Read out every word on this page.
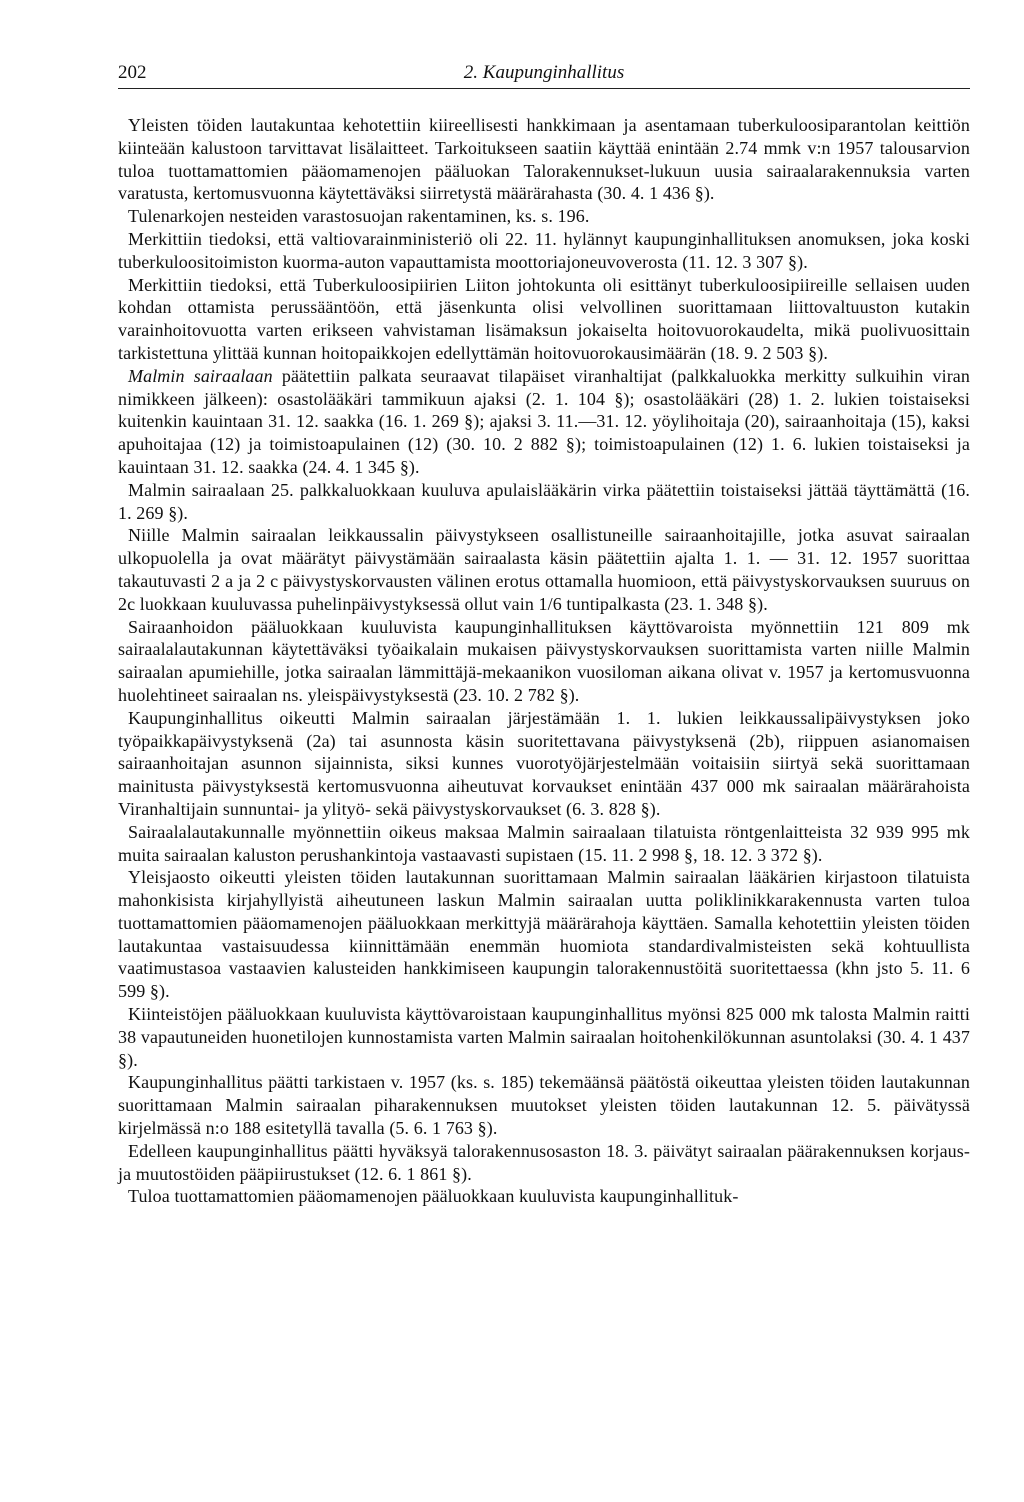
202	2. Kaupunginhallitus

Yleisten töiden lautakuntaa kehotettiin kiireellisesti hankkimaan ja asentamaan tuberkuloosiparantolan keittiön kiinteään kalustoon tarvittavat lisälaitteet. Tarkoitukseen saatiin käyttää enintään 2.74 mmk v:n 1957 talousarvion tuloa tuottamattomien pääomamenojen pääluokan Talorakennukset-lukuun uusia sairaalarakennuksia varten varatusta, kertomusvuonna käytettäväksi siirretystä määrärahasta (30. 4. 1 436 §).

Tulenarkojen nesteiden varastosuojan rakentaminen, ks. s. 196.

Merkittiin tiedoksi, että valtiovarainministeriö oli 22. 11. hylännyt kaupunginhallituksen anomuksen, joka koski tuberkuloositoimiston kuorma-auton vapauttamista moottoriajoneuvoverosta (11. 12. 3 307 §).

Merkittiin tiedoksi, että Tuberkuloosipiirien Liiton johtokunta oli esittänyt tuberkuloosipiireille sellaisen uuden kohdan ottamista perussääntöön, että jäsenkunta olisi velvollinen suorittamaan liittovaltuuston kutakin varainhoitovuotta varten erikseen vahvistaman lisämaksun jokaiselta hoitovuorokaudelta, mikä puolivuosittain tarkistettuna ylittää kunnan hoitopaikkojen edellyttämän hoitovuorokausimäärän (18. 9. 2 503 §).

Malmin sairaalaan päätettiin palkata seuraavat tilapäiset viranhaltijat (palkkaluokka merkitty sulkuihin viran nimikkeen jälkeen): osastolääkäri tammikuun ajaksi (2. 1. 104 §); osastolääkäri (28) 1. 2. lukien toistaiseksi kuitenkin kauintaan 31. 12. saakka (16. 1. 269 §); ajaksi 3. 11.—31. 12. yöylihoitaja (20), sairaanhoitaja (15), kaksi apuhoitajaa (12) ja toimistoapulainen (12) (30. 10. 2 882 §); toimistoapulainen (12) 1. 6. lukien toistaiseksi ja kauintaan 31. 12. saakka (24. 4. 1 345 §).

Malmin sairaalaan 25. palkkaluokkaan kuuluva apulaislääkärin virka päätettiin toistaiseksi jättää täyttämättä (16. 1. 269 §).

Niille Malmin sairaalan leikkaussalin päivystykseen osallistuneille sairaanhoitajille, jotka asuvat sairaalan ulkopuolella ja ovat määrätyt päivystämään sairaalasta käsin päätettiin ajalta 1. 1. — 31. 12. 1957 suorittaa takautuvasti 2 a ja 2 c päivystyskorvausten välinen erotus ottamalla huomioon, että päivystyskorvauksen suuruus on 2c luokkaan kuuluvassa puhelinpäivystyksessä ollut vain 1/6 tuntipalkasta (23. 1. 348 §).

Sairaanhoidon pääluokkaan kuuluvista kaupunginhallituksen käyttövaroista myönnettiin 121 809 mk sairaalalautakunnan käytettäväksi työaikalain mukaisen päivystyskorvauksen suorittamista varten niille Malmin sairaalan apumiehille, jotka sairaalan lämmittäjä-mekaanikon vuosiloman aikana olivat v. 1957 ja kertomusvuonna huolehtineet sairaalan ns. yleispäivystyksestä (23. 10. 2 782 §).

Kaupunginhallitus oikeutti Malmin sairaalan järjestämään 1. 1. lukien leikkaussalipäivystyksen joko työpaikkapäivystyksenä (2a) tai asunnosta käsin suoritettavana päivystyksenä (2b), riippuen asianomaisen sairaanhoitajan asunnon sijainnista, siksi kunnes vuorotyöjärjestelmään voitaisiin siirtyä sekä suorittamaan mainitusta päivystyksestä kertomusvuonna aiheutuvat korvaukset enintään 437 000 mk sairaalan määrärahoista Viranhaltijain sunnuntai- ja ylityö- sekä päivystyskorvaukset (6. 3. 828 §).

Sairaalalautakunnalle myönnettiin oikeus maksaa Malmin sairaalaan tilatuista röntgenlaitteista 32 939 995 mk muita sairaalan kaluston perushankintoja vastaavasti supistaen (15. 11. 2 998 §, 18. 12. 3 372 §).

Yleisjaosto oikeutti yleisten töiden lautakunnan suorittamaan Malmin sairaalan lääkärien kirjastoon tilatuista mahonkisista kirjahyllyistä aiheutuneen laskun Malmin sairaalan uutta poliklinikkarakennusta varten tuloa tuottamattomien pääomamenojen pääluokkaan merkittyjä määrärahoja käyttäen. Samalla kehotettiin yleisten töiden lautakuntaa vastaisuudessa kiinnittämään enemmän huomiota standardivalmisteisten sekä kohtuullista vaatimustasoa vastaavien kalusteiden hankkimiseen kaupungin talorakennustöitä suoritettaessa (khn jsto 5. 11. 6 599 §).

Kiinteistöjen pääluokkaan kuuluvista käyttövaroistaan kaupunginhallitus myönsi 825 000 mk talosta Malmin raitti 38 vapautuneiden huonetilojen kunnostamista varten Malmin sairaalan hoitohenkilökunnan asuntolaksi (30. 4. 1 437 §).

Kaupunginhallitus päätti tarkistaen v. 1957 (ks. s. 185) tekemäänsä päätöstä oikeuttaa yleisten töiden lautakunnan suorittamaan Malmin sairaalan piharakennuksen muutokset yleisten töiden lautakunnan 12. 5. päivätyssä kirjelmässä n:o 188 esitetyllä tavalla (5. 6. 1 763 §).

Edelleen kaupunginhallitus päätti hyväksyä talorakennusosaston 18. 3. päivätyt sairaalan päärakennuksen korjaus- ja muutostöiden pääpiirustukset (12. 6. 1 861 §).

Tuloa tuottamattomien pääomamenojen pääluokkaan kuuluvista kaupunginhallituk-
